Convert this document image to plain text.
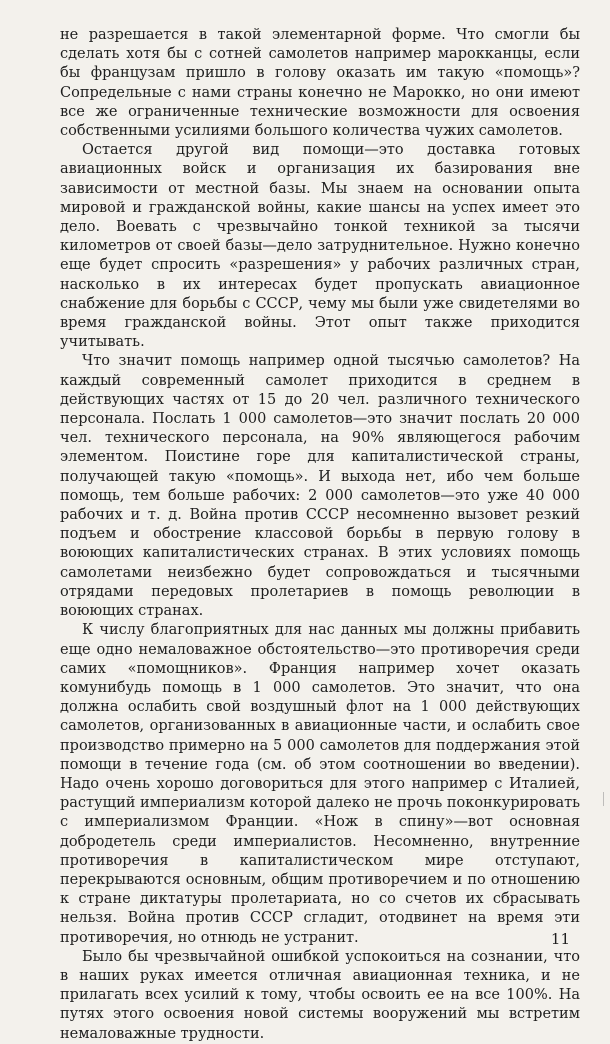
не разрешается в такой элементарной форме. Что смогли бы сделать хотя бы с сотней самолетов например марокканцы, если бы французам пришло в голову оказать им такую «помощь»? Сопредельные с нами страны конечно не Марокко, но они имеют все же ограниченные технические возможности для освоения собственными усилиями большого количества чужих самолетов.

Остается другой вид помощи—это доставка готовых авиационных войск и организация их базирования вне зависимости от местной базы. Мы знаем на основании опыта мировой и гражданской войны, какие шансы на успех имеет это дело. Воевать с чрезвычайно тонкой техникой за тысячи километров от своей базы—дело затруднительное. Нужно конечно еще будет спросить «разрешения» у рабочих различных стран, насколько в их интересах будет пропускать авиационное снабжение для борьбы с СССР, чему мы были уже свидетелями во время гражданской войны. Этот опыт также приходится учитывать.

Что значит помощь например одной тысячью самолетов? На каждый современный самолет приходится в среднем в действующих частях от 15 до 20 чел. различного технического персонала. Послать 1 000 самолетов—это значит послать 20 000 чел. технического персонала, на 90% являющегося рабочим элементом. Поистине горе для капиталистической страны, получающей такую «помощь». И выхода нет, ибо чем больше помощь, тем больше рабочих: 2 000 самолетов—это уже 40 000 рабочих и т. д. Война против СССР несомненно вызовет резкий подъем и обострение классовой борьбы в первую голову в воюющих капиталистических странах. В этих условиях помощь самолетами неизбежно будет сопровождаться и тысячными отрядами передовых пролетариев в помощь революции в воюющих странах.

К числу благоприятных для нас данных мы должны прибавить еще одно немаловажное обстоятельство—это противоречия среди самих «помощников». Франция например хочет оказать комунибудь помощь в 1 000 самолетов. Это значит, что она должна ослабить свой воздушный флот на 1 000 действующих самолетов, организованных в авиационные части, и ослабить свое производство примерно на 5 000 самолетов для поддержания этой помощи в течение года (см. об этом соотношении во введении). Надо очень хорошо договориться для этого например с Италией, растущий империализм которой далеко не прочь поконкурировать с империализмом Франции. «Нож в спину»—вот основная добродетель среди империалистов. Несомненно, внутренние противоречия в капиталистическом мире отступают, перекрываются основным, общим противоречием и по отношению к стране диктатуры пролетариата, но со счетов их сбрасывать нельзя. Война против СССР сгладит, отодвинет на время эти противоречия, но отнюдь не устранит.

Было бы чрезвычайной ошибкой успокоиться на сознании, что в наших руках имеется отличная авиационная техника, и не прилагать всех усилий к тому, чтобы освоить ее на все 100%. На путях этого освоения новой системы вооружений мы встретим немаловажные трудности.

11
